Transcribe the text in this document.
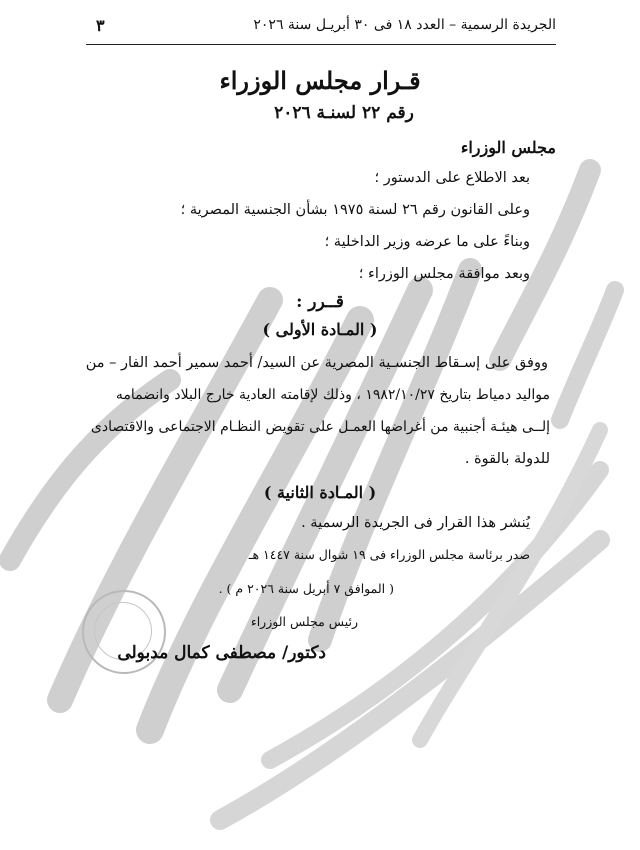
الجريدة الرسمية – العدد ١٨ فى ٣٠ أبريـل سنة ٢٠٢٦
٣
قـرار مجلس الوزراء
رقم ٢٢ لسنـة ٢٠٢٦
مجلس الوزراء
بعد الاطلاع على الدستور ؛
وعلى القانون رقم ٢٦ لسنة ١٩٧٥ بشأن الجنسية المصرية ؛
وبناءً على ما عرضه وزير الداخلية ؛
وبعد موافقة مجلس الوزراء ؛
قــرر :
( المـادة الأولى )
ووفق على إسـقاط الجنسـية المصرية عن السيد/ أحمد سمير أحمد الفار – من
مواليد دمياط بتاريخ ١٩٨٢/١٠/٢٧ ، وذلك لإقامته العادية خارج البلاد وانضمامه
إلــى هيئـة أجنبية من أغراضها العمـل على تقويض النظـام الاجتماعى والاقتصادى
للدولة بالقوة .
( المـادة الثانية )
يُنشر هذا القرار فى الجريدة الرسمية .
صدر برئاسة مجلس الوزراء فى ١٩ شوال سنة ١٤٤٧ هـ
( الموافق ٧ أبريل سنة ٢٠٢٦ م ) .
رئيس مجلس الوزراء
دكتور/ مصطفى كمال مدبولى
